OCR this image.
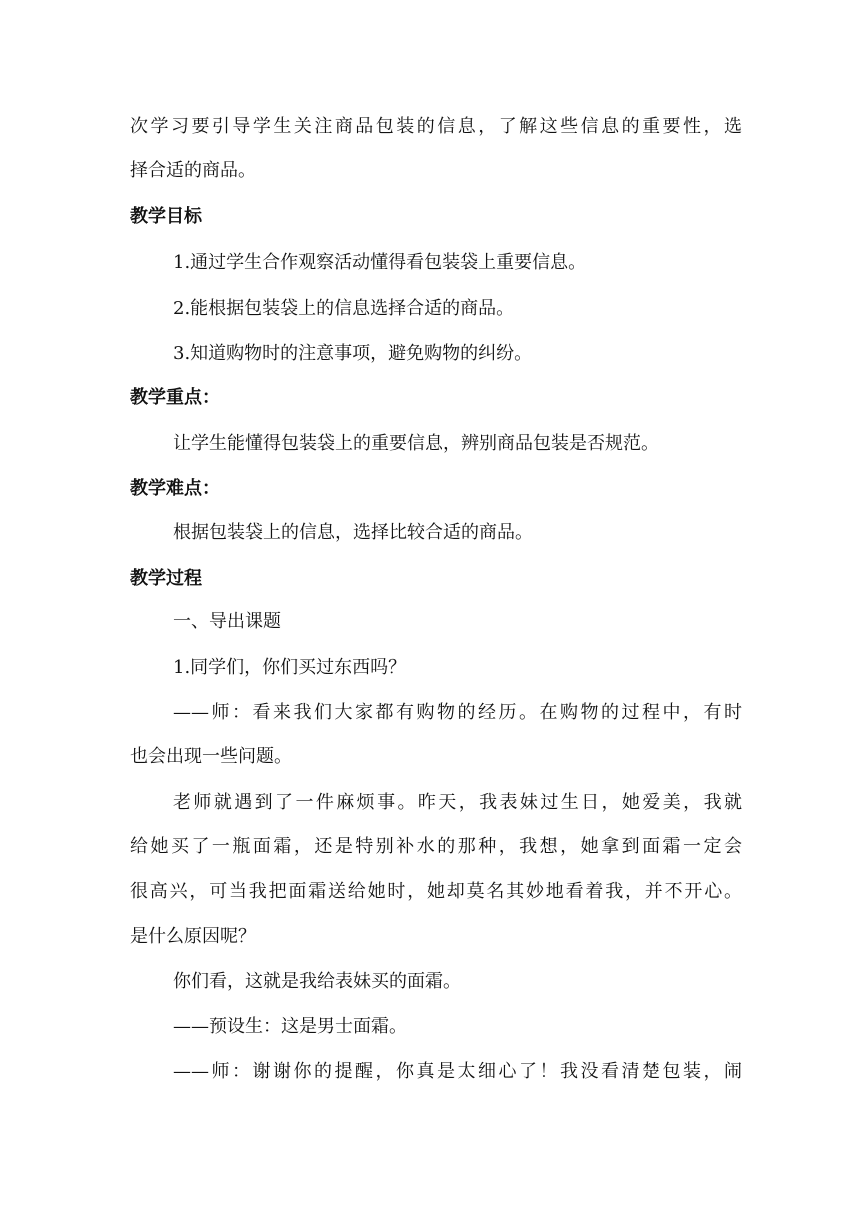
次学习要引导学生关注商品包装的信息，了解这些信息的重要性，选
择合适的商品。
教学目标
1.通过学生合作观察活动懂得看包装袋上重要信息。
2.能根据包装袋上的信息选择合适的商品。
3.知道购物时的注意事项，避免购物的纠纷。
教学重点：
让学生能懂得包装袋上的重要信息，辨别商品包装是否规范。
教学难点：
根据包装袋上的信息，选择比较合适的商品。
教学过程
一、导出课题
1.同学们，你们买过东西吗？
——师：看来我们大家都有购物的经历。在购物的过程中，有时
也会出现一些问题。
老师就遇到了一件麻烦事。昨天，我表妹过生日，她爱美，我就
给她买了一瓶面霜，还是特别补水的那种，我想，她拿到面霜一定会
很高兴，可当我把面霜送给她时，她却莫名其妙地看着我，并不开心。
是什么原因呢？
你们看，这就是我给表妹买的面霜。
——预设生：这是男士面霜。
——师：谢谢你的提醒，你真是太细心了！我没看清楚包装，闹
